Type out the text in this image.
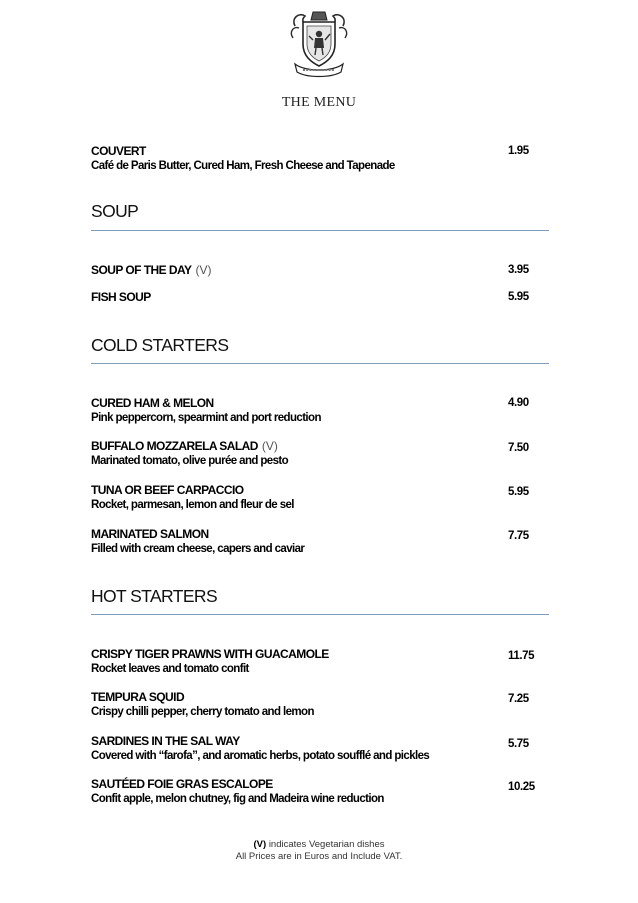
THE MENU
COUVERT
Café de Paris Butter, Cured Ham, Fresh Cheese and Tapenade
1.95
SOUP
SOUP OF THE DAY (V)	3.95
FISH SOUP	5.95
COLD STARTERS
CURED HAM & MELON
Pink peppercorn, spearmint and port reduction
4.90
BUFFALO MOZZARELA SALAD (V)
Marinated tomato, olive purée and pesto
7.50
TUNA OR BEEF CARPACCIO
Rocket, parmesan, lemon and fleur de sel
5.95
MARINATED SALMON
Filled with cream cheese, capers and caviar
7.75
HOT STARTERS
CRISPY TIGER PRAWNS WITH GUACAMOLE
Rocket leaves and tomato confit
11.75
TEMPURA SQUID
Crispy chilli pepper, cherry tomato and lemon
7.25
SARDINES IN THE SAL WAY
Covered with “farofa”, and aromatic herbs, potato soufflé and pickles
5.75
SAUTÉED FOIE GRAS ESCALOPE
Confit apple, melon chutney, fig and Madeira wine reduction
10.25
(V) indicates Vegetarian dishes
All Prices are in Euros and Include VAT.
